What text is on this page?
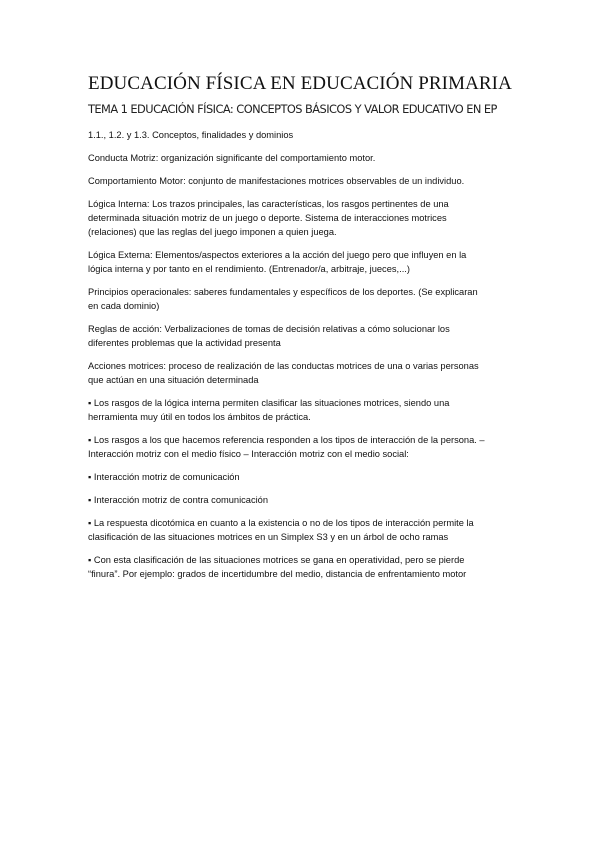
EDUCACIÓN FÍSICA EN EDUCACIÓN PRIMARIA
TEMA 1 EDUCACIÓN FÍSICA: CONCEPTOS BÁSICOS Y VALOR EDUCATIVO EN EP
1.1., 1.2. y 1.3. Conceptos, finalidades y dominios
Conducta Motriz: organización significante del comportamiento motor.
Comportamiento Motor: conjunto de manifestaciones motrices observables de un individuo.
Lógica Interna: Los trazos principales, las características, los rasgos pertinentes de una
determinada situación motriz de un juego o deporte. Sistema de interacciones motrices
(relaciones) que las reglas del juego imponen a quien juega.
Lógica Externa: Elementos/aspectos exteriores a la acción del juego pero que influyen en la
lógica interna y por tanto en el rendimiento. (Entrenador/a, arbitraje, jueces,...)
Principios operacionales: saberes fundamentales y específicos de los deportes. (Se explicaran
en cada dominio)
Reglas de acción: Verbalizaciones de tomas de decisión relativas a cómo solucionar los
diferentes problemas que la actividad presenta
Acciones motrices: proceso de realización de las conductas motrices de una o varias personas
que actúan en una situación determinada
▪ Los rasgos de la lógica interna permiten clasificar las situaciones motrices, siendo una
herramienta muy útil en todos los ámbitos de práctica.
▪ Los rasgos a los que hacemos referencia responden a los tipos de interacción de la persona. –
Interacción motriz con el medio físico – Interacción motriz con el medio social:
▪ Interacción motriz de comunicación
▪ Interacción motriz de contra comunicación
▪ La respuesta dicotómica en cuanto a la existencia o no de los tipos de interacción permite la
clasificación de las situaciones motrices en un Simplex S3 y en un árbol de ocho ramas
▪ Con esta clasificación de las situaciones motrices se gana en operatividad, pero se pierde
“finura”. Por ejemplo: grados de incertidumbre del medio, distancia de enfrentamiento motor
